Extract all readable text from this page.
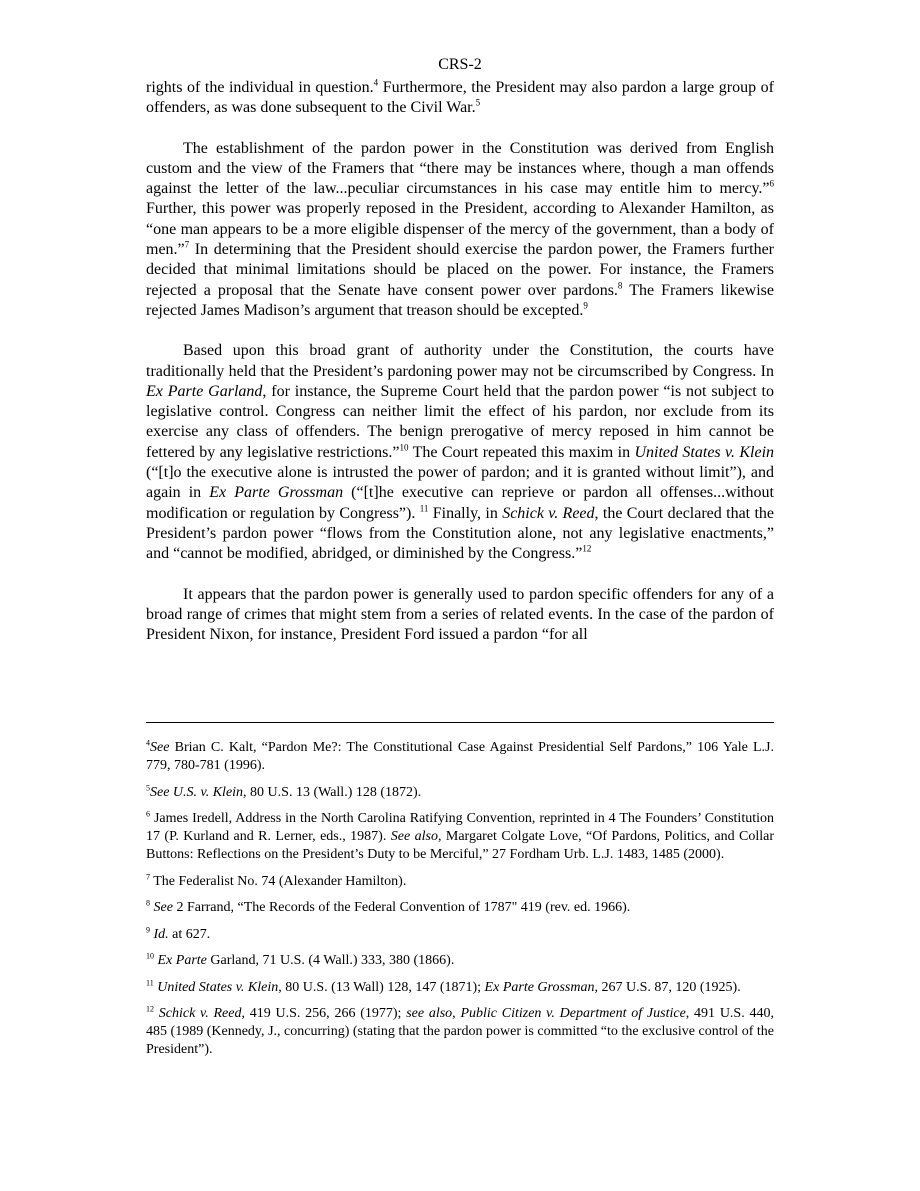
CRS-2

rights of the individual in question.$^4$ Furthermore, the President may also pardon a large group of offenders, as was done subsequent to the Civil War.$^5$

The establishment of the pardon power in the Constitution was derived from English custom and the view of the Framers that “there may be instances where, though a man offends against the letter of the law...peculiar circumstances in his case may entitle him to mercy.”$^6$ Further, this power was properly reposed in the President, according to Alexander Hamilton, as “one man appears to be a more eligible dispenser of the mercy of the government, than a body of men.”$^7$ In determining that the President should exercise the pardon power, the Framers further decided that minimal limitations should be placed on the power. For instance, the Framers rejected a proposal that the Senate have consent power over pardons.$^8$ The Framers likewise rejected James Madison’s argument that treason should be excepted.$^9$

Based upon this broad grant of authority under the Constitution, the courts have traditionally held that the President’s pardoning power may not be circumscribed by Congress. In Ex Parte Garland, for instance, the Supreme Court held that the pardon power “is not subject to legislative control. Congress can neither limit the effect of his pardon, nor exclude from its exercise any class of offenders. The benign prerogative of mercy reposed in him cannot be fettered by any legislative restrictions.”$^{10}$ The Court repeated this maxim in United States v. Klein (“[t]o the executive alone is intrusted the power of pardon; and it is granted without limit”), and again in Ex Parte Grossman (“[t]he executive can reprieve or pardon all offenses...without modification or regulation by Congress”). $^{11}$ Finally, in Schick v. Reed, the Court declared that the President’s pardon power “flows from the Constitution alone, not any legislative enactments,” and “cannot be modified, abridged, or diminished by the Congress.”$^{12}$

It appears that the pardon power is generally used to pardon specific offenders for any of a broad range of crimes that might stem from a series of related events. In the case of the pardon of President Nixon, for instance, President Ford issued a pardon “for all

$^4$See Brian C. Kalt, “Pardon Me?: The Constitutional Case Against Presidential Self Pardons,” 106 Yale L.J. 779, 780-781 (1996).

$^5$See U.S. v. Klein, 80 U.S. 13 (Wall.) 128 (1872).

$^6$ James Iredell, Address in the North Carolina Ratifying Convention, reprinted in 4 The Founders’ Constitution 17 (P. Kurland and R. Lerner, eds., 1987). See also, Margaret Colgate Love, “Of Pardons, Politics, and Collar Buttons: Reflections on the President’s Duty to be Merciful,” 27 Fordham Urb. L.J. 1483, 1485 (2000).

$^7$ The Federalist No. 74 (Alexander Hamilton).

$^8$ See 2 Farrand, “The Records of the Federal Convention of 1787" 419 (rev. ed. 1966).

$^9$ Id. at 627.

$^{10}$ Ex Parte Garland, 71 U.S. (4 Wall.) 333, 380 (1866).

$^{11}$ United States v. Klein, 80 U.S. (13 Wall) 128, 147 (1871); Ex Parte Grossman, 267 U.S. 87, 120 (1925).

$^{12}$ Schick v. Reed, 419 U.S. 256, 266 (1977); see also, Public Citizen v. Department of Justice, 491 U.S. 440, 485 (1989 (Kennedy, J., concurring) (stating that the pardon power is committed “to the exclusive control of the President”).
